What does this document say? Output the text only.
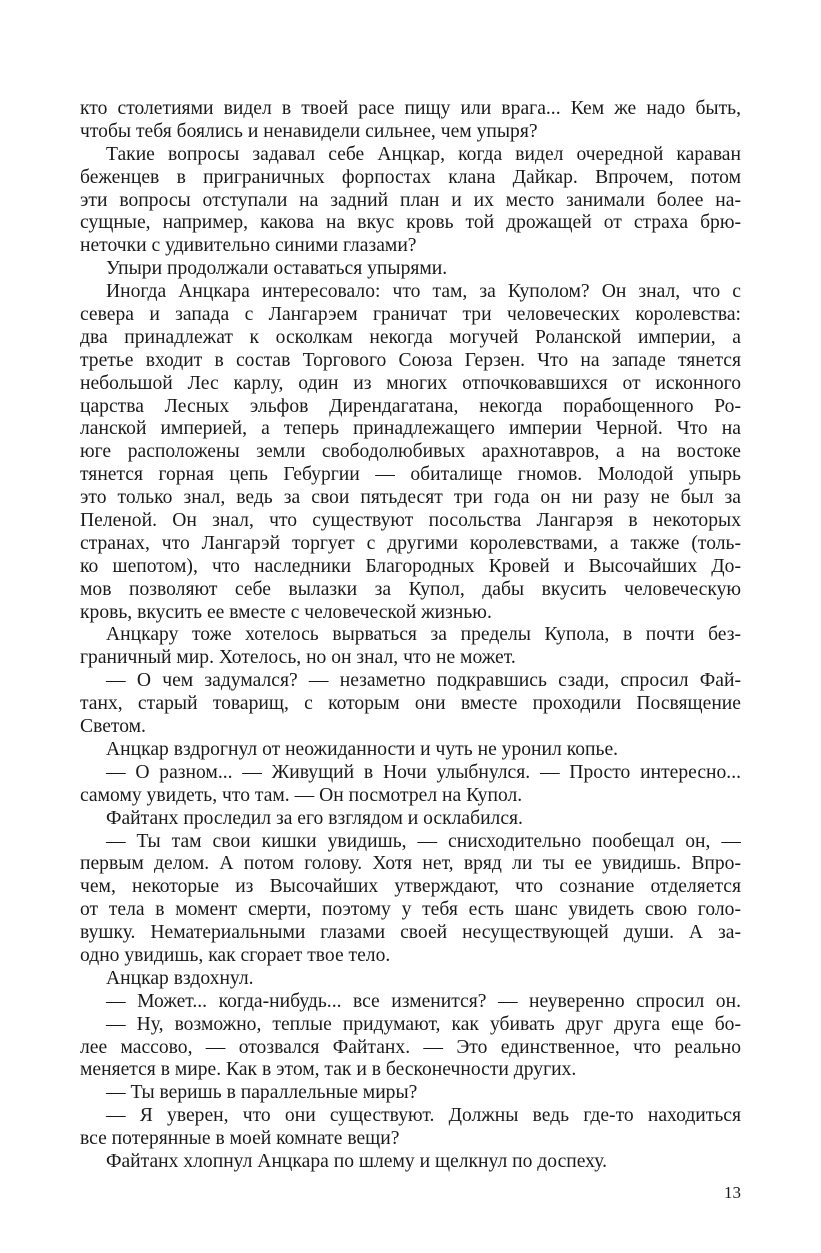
кто столетиями видел в твоей расе пищу или врага... Кем же надо быть,
чтобы тебя боялись и ненавидели сильнее, чем упыря?
Такие вопросы задавал себе Анцкар, когда видел очередной караван
беженцев в приграничных форпостах клана Дайкар. Впрочем, потом
эти вопросы отступали на задний план и их место занимали более на-
сущные, например, какова на вкус кровь той дрожащей от страха брю-
неточки с удивительно синими глазами?
Упыри продолжали оставаться упырями.
Иногда Анцкара интересовало: что там, за Куполом? Он знал, что с
севера и запада с Лангарэем граничат три человеческих королевства:
два принадлежат к осколкам некогда могучей Роланской империи, а
третье входит в состав Торгового Союза Герзен. Что на западе тянется
небольшой Лес карлу, один из многих отпочковавшихся от исконного
царства Лесных эльфов Дирендагатана, некогда порабощенного Ро-
ланской империей, а теперь принадлежащего империи Черной. Что на
юге расположены земли свободолюбивых арахнотавров, а на востоке
тянется горная цепь Гебургии — обиталище гномов. Молодой упырь
это только знал, ведь за свои пятьдесят три года он ни разу не был за
Пеленой. Он знал, что существуют посольства Лангарэя в некоторых
странах, что Лангарэй торгует с другими королевствами, а также (толь-
ко шепотом), что наследники Благородных Кровей и Высочайших До-
мов позволяют себе вылазки за Купол, дабы вкусить человеческую
кровь, вкусить ее вместе с человеческой жизнью.
Анцкару тоже хотелось вырваться за пределы Купола, в почти без-
граничный мир. Хотелось, но он знал, что не может.
— О чем задумался? — незаметно подкравшись сзади, спросил Фай-
танх, старый товарищ, с которым они вместе проходили Посвящение
Светом.
Анцкар вздрогнул от неожиданности и чуть не уронил копье.
— О разном... — Живущий в Ночи улыбнулся. — Просто интересно...
самому увидеть, что там. — Он посмотрел на Купол.
Файтанх проследил за его взглядом и осклабился.
— Ты там свои кишки увидишь, — снисходительно пообещал он, —
первым делом. А потом голову. Хотя нет, вряд ли ты ее увидишь. Впро-
чем, некоторые из Высочайших утверждают, что сознание отделяется
от тела в момент смерти, поэтому у тебя есть шанс увидеть свою голо-
вушку. Нематериальными глазами своей несуществующей души. А за-
одно увидишь, как сгорает твое тело.
Анцкар вздохнул.
— Может... когда-нибудь... все изменится? — неуверенно спросил он.
— Ну, возможно, теплые придумают, как убивать друг друга еще бо-
лее массово, — отозвался Файтанх. — Это единственное, что реально
меняется в мире. Как в этом, так и в бесконечности других.
— Ты веришь в параллельные миры?
— Я уверен, что они существуют. Должны ведь где-то находиться
все потерянные в моей комнате вещи?
Файтанх хлопнул Анцкара по шлему и щелкнул по доспеху.
13
